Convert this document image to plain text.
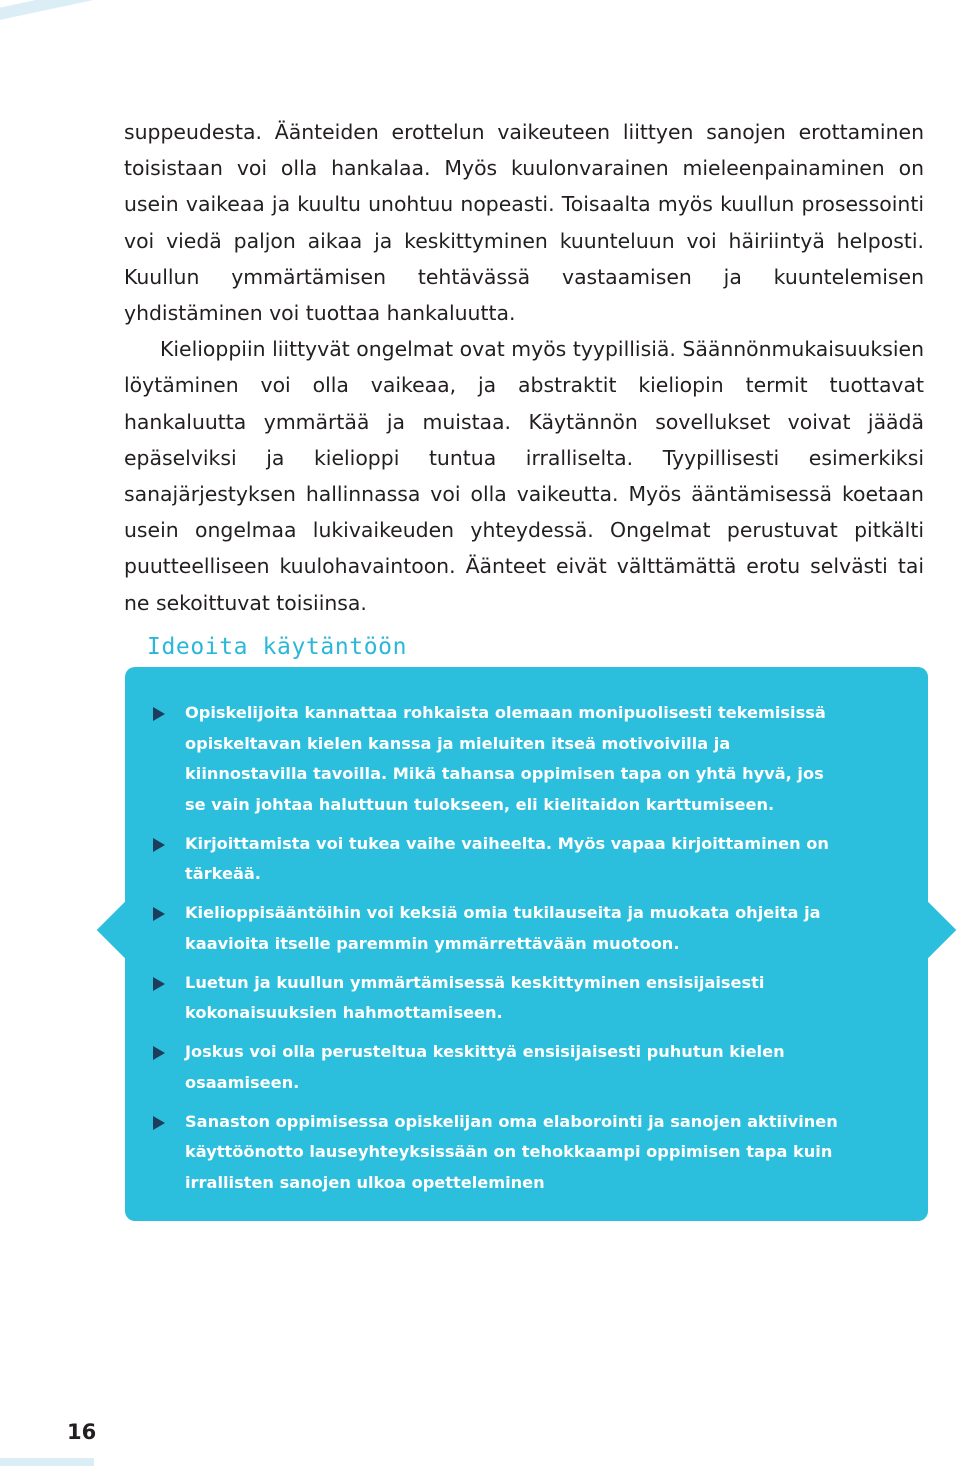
suppeudesta. Äänteiden erottelun vaikeuteen liittyen sanojen erottaminen toisistaan voi olla hankalaa. Myös kuulonvarainen mieleenpainaminen on usein vaikeaa ja kuultu unohtuu nopeasti. Toisaalta myös kuullun prosessointi voi viedä paljon aikaa ja keskittyminen kuunteluun voi häiriintyä helposti. Kuullun ymmärtämisen tehtävässä vastaamisen ja kuuntelemisen yhdistäminen voi tuottaa hankaluutta.

Kielioppiin liittyvät ongelmat ovat myös tyypillisiä. Säännönmukaisuuksien löytäminen voi olla vaikeaa, ja abstraktit kieliopin termit tuottavat hankaluutta ymmärtää ja muistaa. Käytännön sovellukset voivat jäädä epäselviksi ja kielioppi tuntua irralliselta. Tyypillisesti esimerkiksi sanajärjestyksen hallinnassa voi olla vaikeutta. Myös ääntämisessä koetaan usein ongelmaa lukivaikeuden yhteydessä. Ongelmat perustuvat pitkälti puutteelliseen kuulohavaintoon. Äänteet eivät välttämättä erotu selvästi tai ne sekoittuvat toisiinsa.

Ideoita käytäntöön
Opiskelijoita kannattaa rohkaista olemaan monipuolisesti tekemisissä opiskeltavan kielen kanssa ja mieluiten itseä motivoivilla ja kiinnostavilla tavoilla. Mikä tahansa oppimisen tapa on yhtä hyvä, jos se vain johtaa haluttuun tulokseen, eli kielitaidon karttumiseen.
Kirjoittamista voi tukea vaihe vaiheelta. Myös vapaa kirjoittaminen on tärkeää.
Kielioppisääntöihin voi keksiä omia tukilauseita ja muokata ohjeita ja kaavioita itselle paremmin ymmärrettävään muotoon.
Luetun ja kuullun ymmärtämisessä keskittyminen ensisijaisesti kokonaisuuksien hahmottamiseen.
Joskus voi olla perusteltua keskittyä ensisijaisesti puhutun kielen osaamiseen.
Sanaston oppimisessa opiskelijan oma elaborointi ja sanojen aktiivinen käyttöönotto lauseyhteyksissään on tehokkaampi oppimisen tapa kuin irrallisten sanojen ulkoa opetteleminen
16
